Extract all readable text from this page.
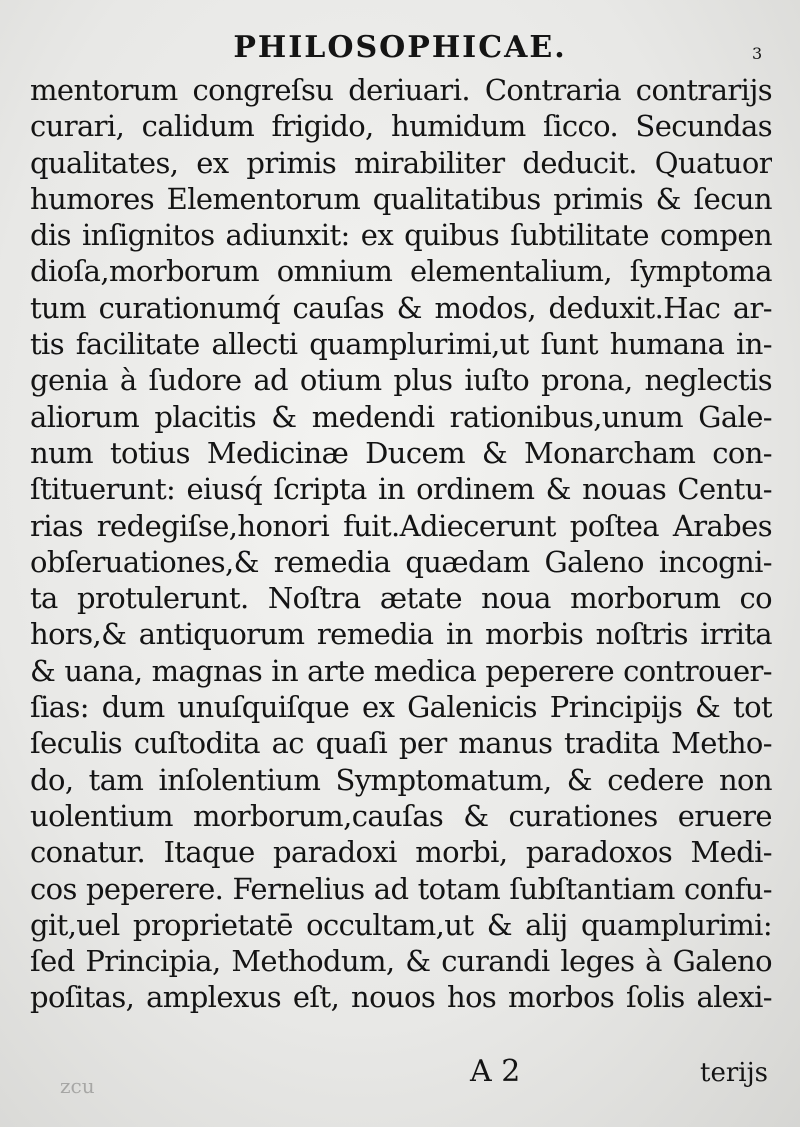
PHILOSOPHICAE.	3
mentorum congreſsu deriuari. Contraria contrarijs
curari, calidum frigido, humidum ſicco. Secundas
qualitates, ex primis mirabiliter deducit. Quatuor
humores Elementorum qualitatibus primis & ſecun
dis inſignitos adiunxit: ex quibus ſubtilitate compen
dioſa,morborum omnium elementalium, ſymptoma
tum curationumq́ cauſas & modos, deduxit.Hac ar-
tis facilitate allecti quamplurimi,ut ſunt humana in-
genia à ſudore ad otium plus iuſto prona, neglectis
aliorum placitis & medendi rationibus,unum Gale-
num totius Medicinæ Ducem & Monarcham con-
ſtituerunt: eiusq́ ſcripta in ordinem & nouas Centu-
rias redegiſse,honori fuit.Adiecerunt poſtea Arabes
obſeruationes,& remedia quædam Galeno incogni-
ta protulerunt. Noſtra ætate noua morborum co
hors,& antiquorum remedia in morbis noſtris irrita
& uana, magnas in arte medica peperere controuer-
ſias: dum unuſquiſque ex Galenicis Principijs & tot
ſeculis cuſtodita ac quaſi per manus tradita Metho-
do, tam inſolentium Symptomatum, & cedere non
uolentium morborum,cauſas & curationes eruere
conatur. Itaque paradoxi morbi, paradoxos Medi-
cos peperere. Fernelius ad totam ſubſtantiam confu-
git,uel proprietatē occultam,ut & alij quamplurimi:
ſed Principia, Methodum, & curandi leges à Galeno
poſitas, amplexus eſt, nouos hos morbos ſolis alexi-
zcu	A 2	terijs
